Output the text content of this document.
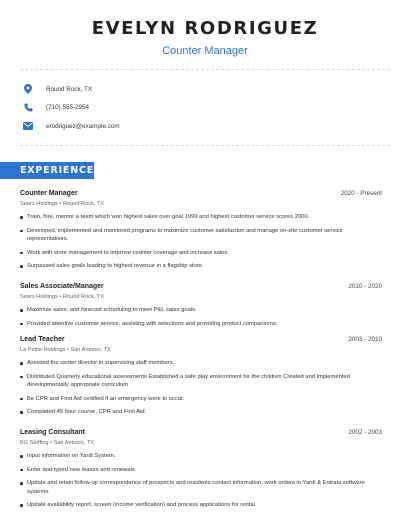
EVELYN RODRIGUEZ
Counter Manager
Round Rock, TX
(710) 555-2954
erodriguez@example.com
EXPERIENCE
Counter Manager	2020 - Present
Sears Holdings • Round Rock, TX
Train, hire, mentor a team which won highest sales over goal 1999 and highest customer service scores 2000.
Developed, implemented and monitored programs to maximize customer satisfaction and manage on-site customer service representatives.
Work with store management to improve counter coverage and increase sales.
Surpassed sales goals leading to highest revenue in a flagship store.
Sales Associate/Manager	2010 - 2020
Sears Holdings • Round Rock, TX
Maximize sales, and forecast scheduling to meet P&L sales goals.
Provided attentive customer service, assisting with selections and providing product comparisons.
Lead Teacher	2003 - 2010
La Petite Holdings • San Antonio, TX
Assisted the center director in supervising staff members.
Distributed Quarterly educational assessments Established a safe play environment for the children Created and implemented developmentally appropriate curriculum
Be CPR and First Aid certified if an emergency were to occur.
Completed 45 hour course, CPR and First Aid.
Leasing Consultant	2002 - 2003
BG Staffing • San Antonio, TX
Input information on Yardi System.
Enter and typed new leases and renewals
Update and retain follow-up correspondence of prospects and residents contact information, work orders in Yardi & Entrata software systems.
Update availability report, screen (income verification) and process applications for rental.
